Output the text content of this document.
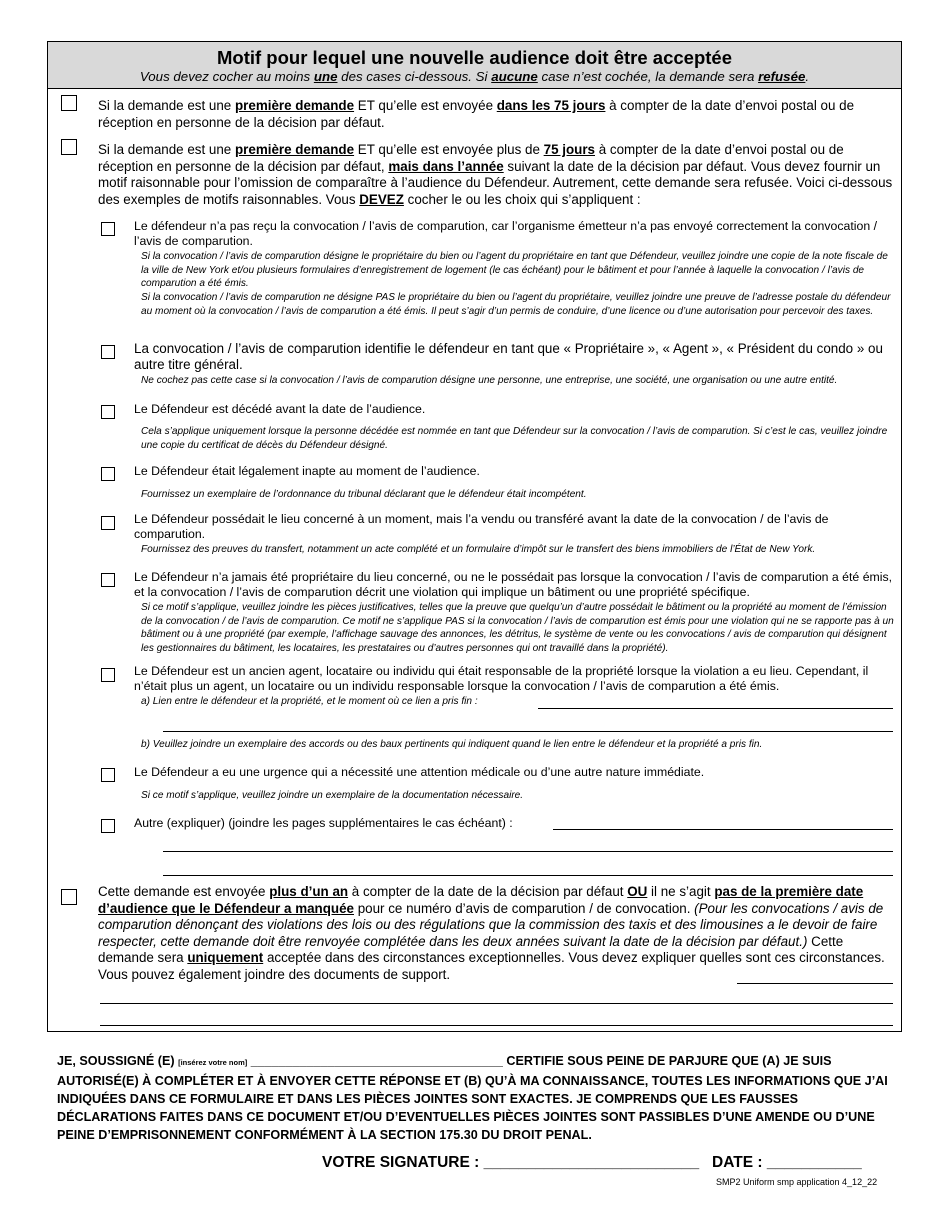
Motif pour lequel une nouvelle audience doit être acceptée
Vous devez cocher au moins une des cases ci-dessous. Si aucune case n’est cochée, la demande sera refusée.
Si la demande est une première demande ET qu’elle est envoyée dans les 75 jours à compter de la date d’envoi postal ou de réception en personne de la décision par défaut.
Si la demande est une première demande ET qu’elle est envoyée plus de 75 jours à compter de la date d’envoi postal ou de réception en personne de la décision par défaut, mais dans l’année suivant la date de la décision par défaut. Vous devez fournir un motif raisonnable pour l’omission de comparaître à l’audience du Défendeur. Autrement, cette demande sera refusée. Voici ci-dessous des exemples de motifs raisonnables. Vous DEVEZ cocher le ou les choix qui s’appliquent :
Le défendeur n’a pas reçu la convocation / l’avis de comparution, car l’organisme émetteur n’a pas envoyé correctement la convocation / l’avis de comparution.
Si la convocation / l’avis de comparution désigne le propriétaire du bien ou l’agent du propriétaire en tant que Défendeur, veuillez joindre une copie de la note fiscale de la ville de New York et/ou plusieurs formulaires d’enregistrement de logement (le cas échéant) pour le bâtiment et pour l’année à laquelle la convocation / l’avis de comparution a été émis.
Si la convocation / l’avis de comparution ne désigne PAS le propriétaire du bien ou l’agent du propriétaire, veuillez joindre une preuve de l’adresse postale du défendeur au moment où la convocation / l’avis de comparution a été émis. Il peut s’agir d’un permis de conduire, d’une licence ou d’une autorisation pour percevoir des taxes.
La convocation / l’avis de comparution identifie le défendeur en tant que « Propriétaire », « Agent », « Président du condo » ou autre titre général.
Ne cochez pas cette case si la convocation / l’avis de comparution désigne une personne, une entreprise, une société, une organisation ou une autre entité.
Le Défendeur est décédé avant la date de l’audience.
Cela s’applique uniquement lorsque la personne décédée est nommée en tant que Défendeur sur la convocation / l’avis de comparution. Si c’est le cas, veuillez joindre une copie du certificat de décès du Défendeur désigné.
Le Défendeur était légalement inapte au moment de l’audience.
Fournissez un exemplaire de l’ordonnance du tribunal déclarant que le défendeur était incompétent.
Le Défendeur possédait le lieu concerné à un moment, mais l’a vendu ou transféré avant la date de la convocation / de l’avis de comparution.
Fournissez des preuves du transfert, notamment un acte complété et un formulaire d’impôt sur le transfert des biens immobiliers de l’État de New York.
Le Défendeur n’a jamais été propriétaire du lieu concerné, ou ne le possédait pas lorsque la convocation / l’avis de comparution a été émis, et la convocation / l’avis de comparution décrit une violation qui implique un bâtiment ou une propriété spécifique.
Si ce motif s’applique, veuillez joindre les pièces justificatives, telles que la preuve que quelqu’un d’autre possédait le bâtiment ou la propriété au moment de l’émission de la convocation / de l’avis de comparution. Ce motif ne s’applique PAS si la convocation / l’avis de comparution est émis pour une violation qui ne se rapporte pas à un bâtiment ou à une propriété (par exemple, l’affichage sauvage des annonces, les détritus, le système de vente ou les convocations / avis de comparution qui désignent les gestionnaires du bâtiment, les locataires, les prestataires ou d’autres personnes qui ont travaillé dans la propriété).
Le Défendeur est un ancien agent, locataire ou individu qui était responsable de la propriété lorsque la violation a eu lieu. Cependant, il n’était plus un agent, un locataire ou un individu responsable lorsque la convocation / l’avis de comparution a été émis.
a) Lien entre le défendeur et la propriété, et le moment où ce lien a pris fin :
b) Veuillez joindre un exemplaire des accords ou des baux pertinents qui indiquent quand le lien entre le défendeur et la propriété a pris fin.
Le Défendeur a eu une urgence qui a nécessité une attention médicale ou d’une autre nature immédiate.
Si ce motif s’applique, veuillez joindre un exemplaire de la documentation nécessaire.
Autre (expliquer) (joindre les pages supplémentaires le cas échéant) :
Cette demande est envoyée plus d’un an à compter de la date de la décision par défaut OU il ne s’agit pas de la première date d’audience que le Défendeur a manquée pour ce numéro d’avis de comparution / de convocation. (Pour les convocations / avis de comparution dénonçant des violations des lois ou des régulations que la commission des taxis et des limousines a le devoir de faire respecter, cette demande doit être renvoyée complétée dans les deux années suivant la date de la décision par défaut.) Cette demande sera uniquement acceptée dans des circonstances exceptionnelles. Vous devez expliquer quelles sont ces circonstances. Vous pouvez également joindre des documents de support.
JE, SOUSSIGNÉ (E) [insérez votre nom] ____________________________________ CERTIFIE SOUS PEINE DE PARJURE QUE (A) JE SUIS AUTORISÉ(E) À COMPLÉTER ET À ENVOYER CETTE RÉPONSE ET (B) QU’À MA CONNAISSANCE, TOUTES LES INFORMATIONS QUE J’AI INDIQUÉES DANS CE FORMULAIRE ET DANS LES PIÈCES JOINTES SONT EXACTES. JE COMPRENDS QUE LES FAUSSES DÉCLARATIONS FAITES DANS CE DOCUMENT ET/OU D’EVENTUELLES PIÈCES JOINTES SONT PASSIBLES D’UNE AMENDE OU D’UNE PEINE D’EMPRISONNEMENT CONFORMÉMENT À LA SECTION 175.30 DU DROIT PENAL.
VOTRE SIGNATURE : _________________________ DATE : ___________
SMP2 Uniform smp application 4_12_22
